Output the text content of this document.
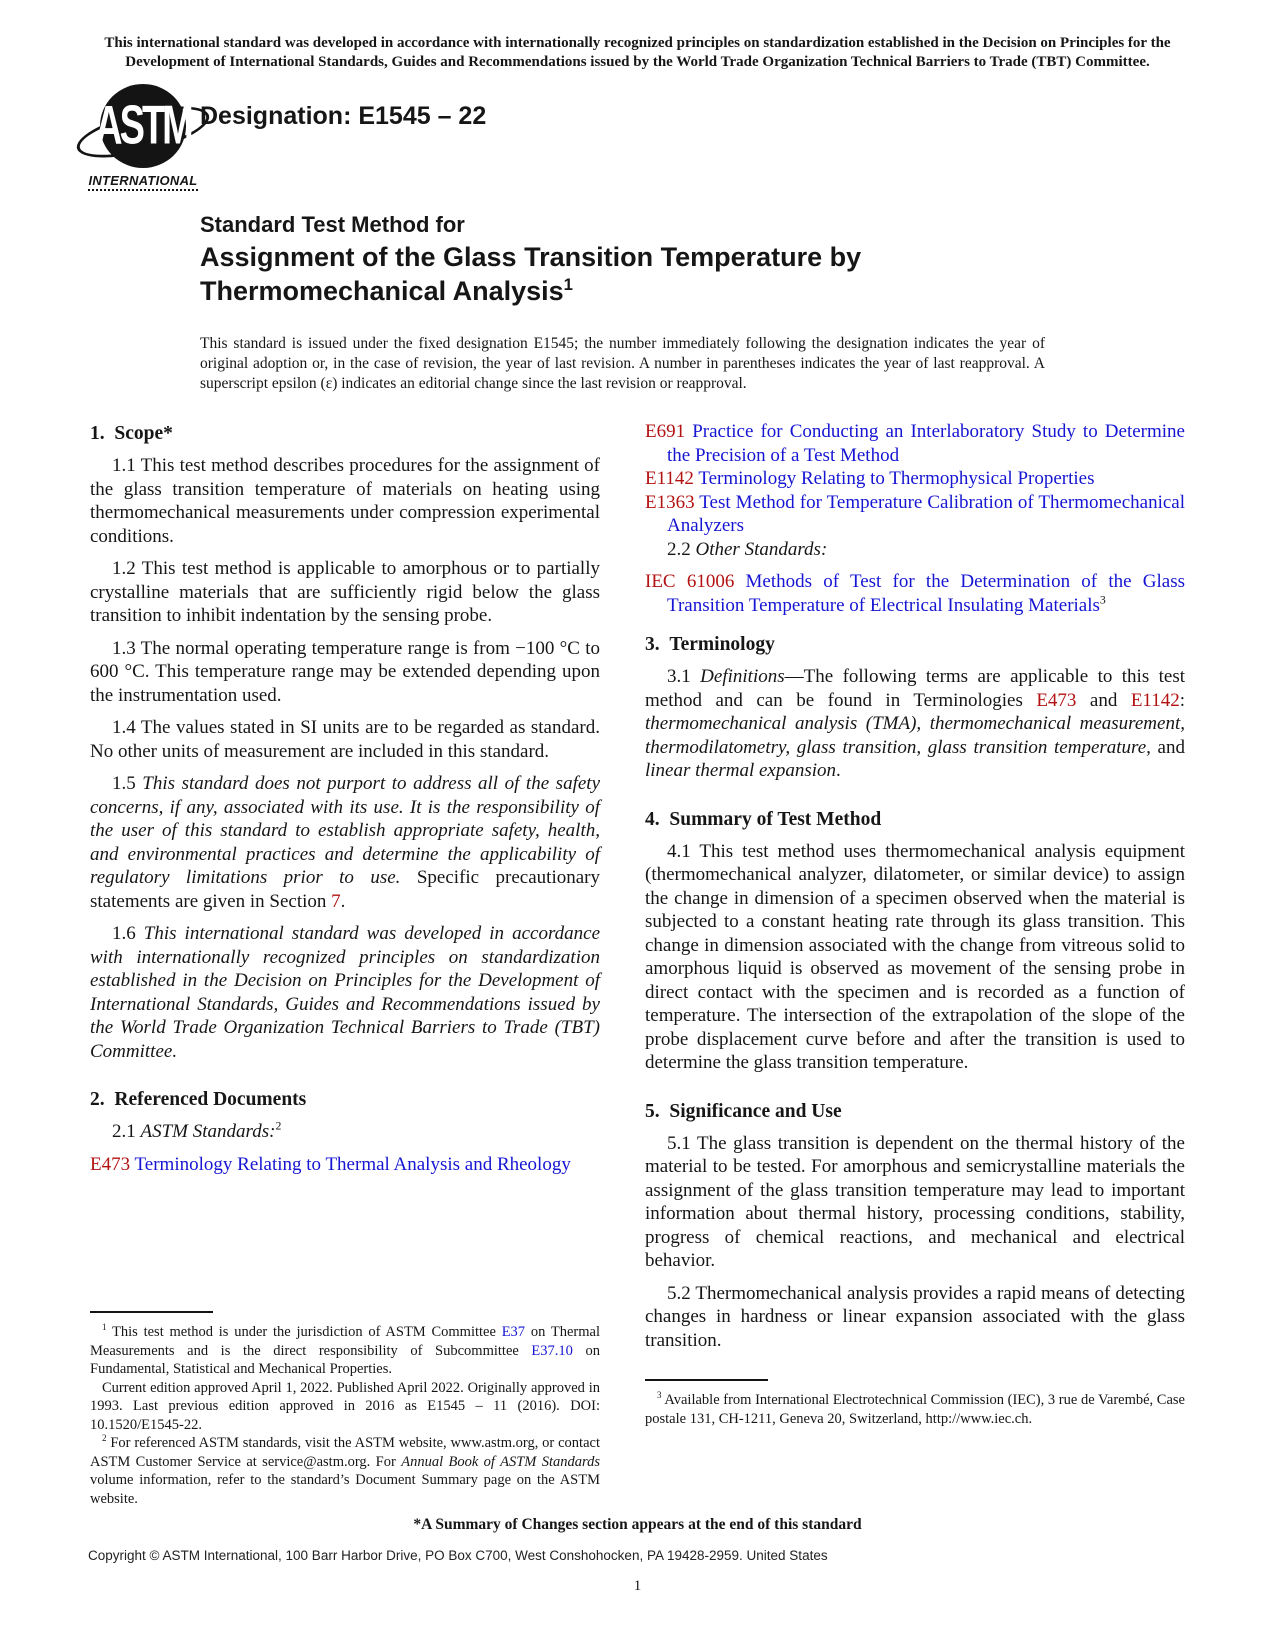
This international standard was developed in accordance with internationally recognized principles on standardization established in the Decision on Principles for the Development of International Standards, Guides and Recommendations issued by the World Trade Organization Technical Barriers to Trade (TBT) Committee.
ASTM
INTERNATIONAL
Designation: E1545 – 22
Standard Test Method for
Assignment of the Glass Transition Temperature by
Thermomechanical Analysis$^1$
This standard is issued under the fixed designation E1545; the number immediately following the designation indicates the year of original adoption or, in the case of revision, the year of last revision. A number in parentheses indicates the year of last reapproval. A superscript epsilon (ε) indicates an editorial change since the last revision or reapproval.
1.  Scope*

1.1 This test method describes procedures for the assignment of the glass transition temperature of materials on heating using thermomechanical measurements under compression experimental conditions.

1.2 This test method is applicable to amorphous or to partially crystalline materials that are sufficiently rigid below the glass transition to inhibit indentation by the sensing probe.

1.3 The normal operating temperature range is from −100 °C to 600 °C. This temperature range may be extended depending upon the instrumentation used.

1.4 The values stated in SI units are to be regarded as standard. No other units of measurement are included in this standard.

1.5 This standard does not purport to address all of the safety concerns, if any, associated with its use. It is the responsibility of the user of this standard to establish appropriate safety, health, and environmental practices and determine the applicability of regulatory limitations prior to use. Specific precautionary statements are given in Section 7.

1.6 This international standard was developed in accordance with internationally recognized principles on standardization established in the Decision on Principles for the Development of International Standards, Guides and Recommendations issued by the World Trade Organization Technical Barriers to Trade (TBT) Committee.

2.  Referenced Documents

2.1 ASTM Standards:$^2$

E473 Terminology Relating to Thermal Analysis and Rheology

$^1$ This test method is under the jurisdiction of ASTM Committee E37 on Thermal Measurements and is the direct responsibility of Subcommittee E37.10 on Fundamental, Statistical and Mechanical Properties.

Current edition approved April 1, 2022. Published April 2022. Originally approved in 1993. Last previous edition approved in 2016 as E1545 – 11 (2016). DOI: 10.1520/E1545-22.

$^2$ For referenced ASTM standards, visit the ASTM website, www.astm.org, or contact ASTM Customer Service at service@astm.org. For Annual Book of ASTM Standards volume information, refer to the standard’s Document Summary page on the ASTM website.

E691 Practice for Conducting an Interlaboratory Study to Determine the Precision of a Test Method

E1142 Terminology Relating to Thermophysical Properties

E1363 Test Method for Temperature Calibration of Thermomechanical Analyzers

2.2 Other Standards:

IEC 61006 Methods of Test for the Determination of the Glass Transition Temperature of Electrical Insulating Materials$^3$

3.  Terminology

3.1 Definitions—The following terms are applicable to this test method and can be found in Terminologies E473 and E1142: thermomechanical analysis (TMA), thermomechanical measurement, thermodilatometry, glass transition, glass transition temperature, and linear thermal expansion.

4.  Summary of Test Method

4.1 This test method uses thermomechanical analysis equipment (thermomechanical analyzer, dilatometer, or similar device) to assign the change in dimension of a specimen observed when the material is subjected to a constant heating rate through its glass transition. This change in dimension associated with the change from vitreous solid to amorphous liquid is observed as movement of the sensing probe in direct contact with the specimen and is recorded as a function of temperature. The intersection of the extrapolation of the slope of the probe displacement curve before and after the transition is used to determine the glass transition temperature.

5.  Significance and Use

5.1 The glass transition is dependent on the thermal history of the material to be tested. For amorphous and semicrystalline materials the assignment of the glass transition temperature may lead to important information about thermal history, processing conditions, stability, progress of chemical reactions, and mechanical and electrical behavior.

5.2 Thermomechanical analysis provides a rapid means of detecting changes in hardness or linear expansion associated with the glass transition.

$^3$ Available from International Electrotechnical Commission (IEC), 3 rue de Varembé, Case postale 131, CH-1211, Geneva 20, Switzerland, http://www.iec.ch.

*A Summary of Changes section appears at the end of this standard
Copyright © ASTM International, 100 Barr Harbor Drive, PO Box C700, West Conshohocken, PA 19428-2959. United States
1
